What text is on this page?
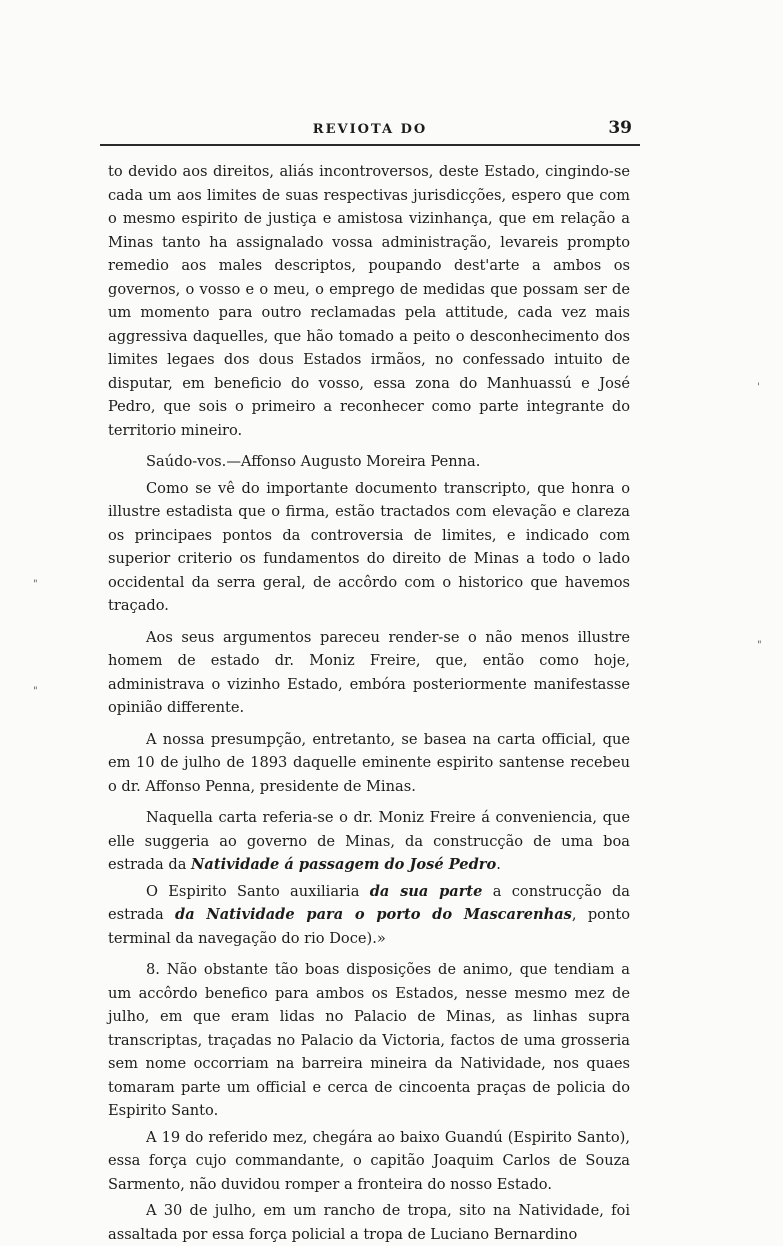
REVIOTA DO	39
"
"
'
"

to devido aos direitos, aliás incontroversos, deste Estado, cingindo-se cada um aos limites de suas respectivas jurisdicções, espero que com o mesmo espirito de justiça e amistosa vizinhança, que em relação a Minas tanto ha assignalado vossa administração, levareis prompto remedio aos males descriptos, poupando dest'arte a ambos os governos, o vosso e o meu, o emprego de medidas que possam ser de um momento para outro reclamadas pela attitude, cada vez mais aggressiva daquelles, que hão tomado a peito o desconhecimento dos limites legaes dos dous Estados irmãos, no confessado intuito de disputar, em beneficio do vosso, essa zona do Manhuassú e José Pedro, que sois o primeiro a reconhecer como parte integrante do territorio mineiro.

Saúdo-vos.—Affonso Augusto Moreira Penna.

Como se vê do importante documento transcripto, que honra o illustre estadista que o firma, estão tractados com elevação e clareza os principaes pontos da controversia de limites, e indicado com superior criterio os fundamentos do direito de Minas a todo o lado occidental da serra geral, de accôrdo com o historico que havemos traçado.

Aos seus argumentos pareceu render-se o não menos illustre homem de estado dr. Moniz Freire, que, então como hoje, administrava o vizinho Estado, embóra posteriormente manifestasse opinião differente.

A nossa presumpção, entretanto, se basea na carta official, que em 10 de julho de 1893 daquelle eminente espirito santense recebeu o dr. Affonso Penna, presidente de Minas.

Naquella carta referia-se o dr. Moniz Freire á conveniencia, que elle suggeria ao governo de Minas, da construcção de uma boa estrada da Natividade á passagem do José Pedro.

O Espirito Santo auxiliaria da sua parte a construcção da estrada da Natividade para o porto do Mascarenhas, ponto terminal da navegação do rio Doce).»

8. Não obstante tão boas disposições de animo, que tendiam a um accôrdo benefico para ambos os Estados, nesse mesmo mez de julho, em que eram lidas no Palacio de Minas, as linhas supra transcriptas, traçadas no Palacio da Victoria, factos de uma grosseria sem nome occorriam na barreira mineira da Natividade, nos quaes tomaram parte um official e cerca de cincoenta praças de policia do Espirito Santo.

A 19 do referido mez, chegára ao baixo Guandú (Espirito Santo), essa força cujo commandante, o capitão Joaquim Carlos de Souza Sarmento, não duvidou romper a fronteira do nosso Estado.

A 30 de julho, em um rancho de tropa, sito na Natividade, foi assaltada por essa força policial a tropa de Luciano Bernardino
